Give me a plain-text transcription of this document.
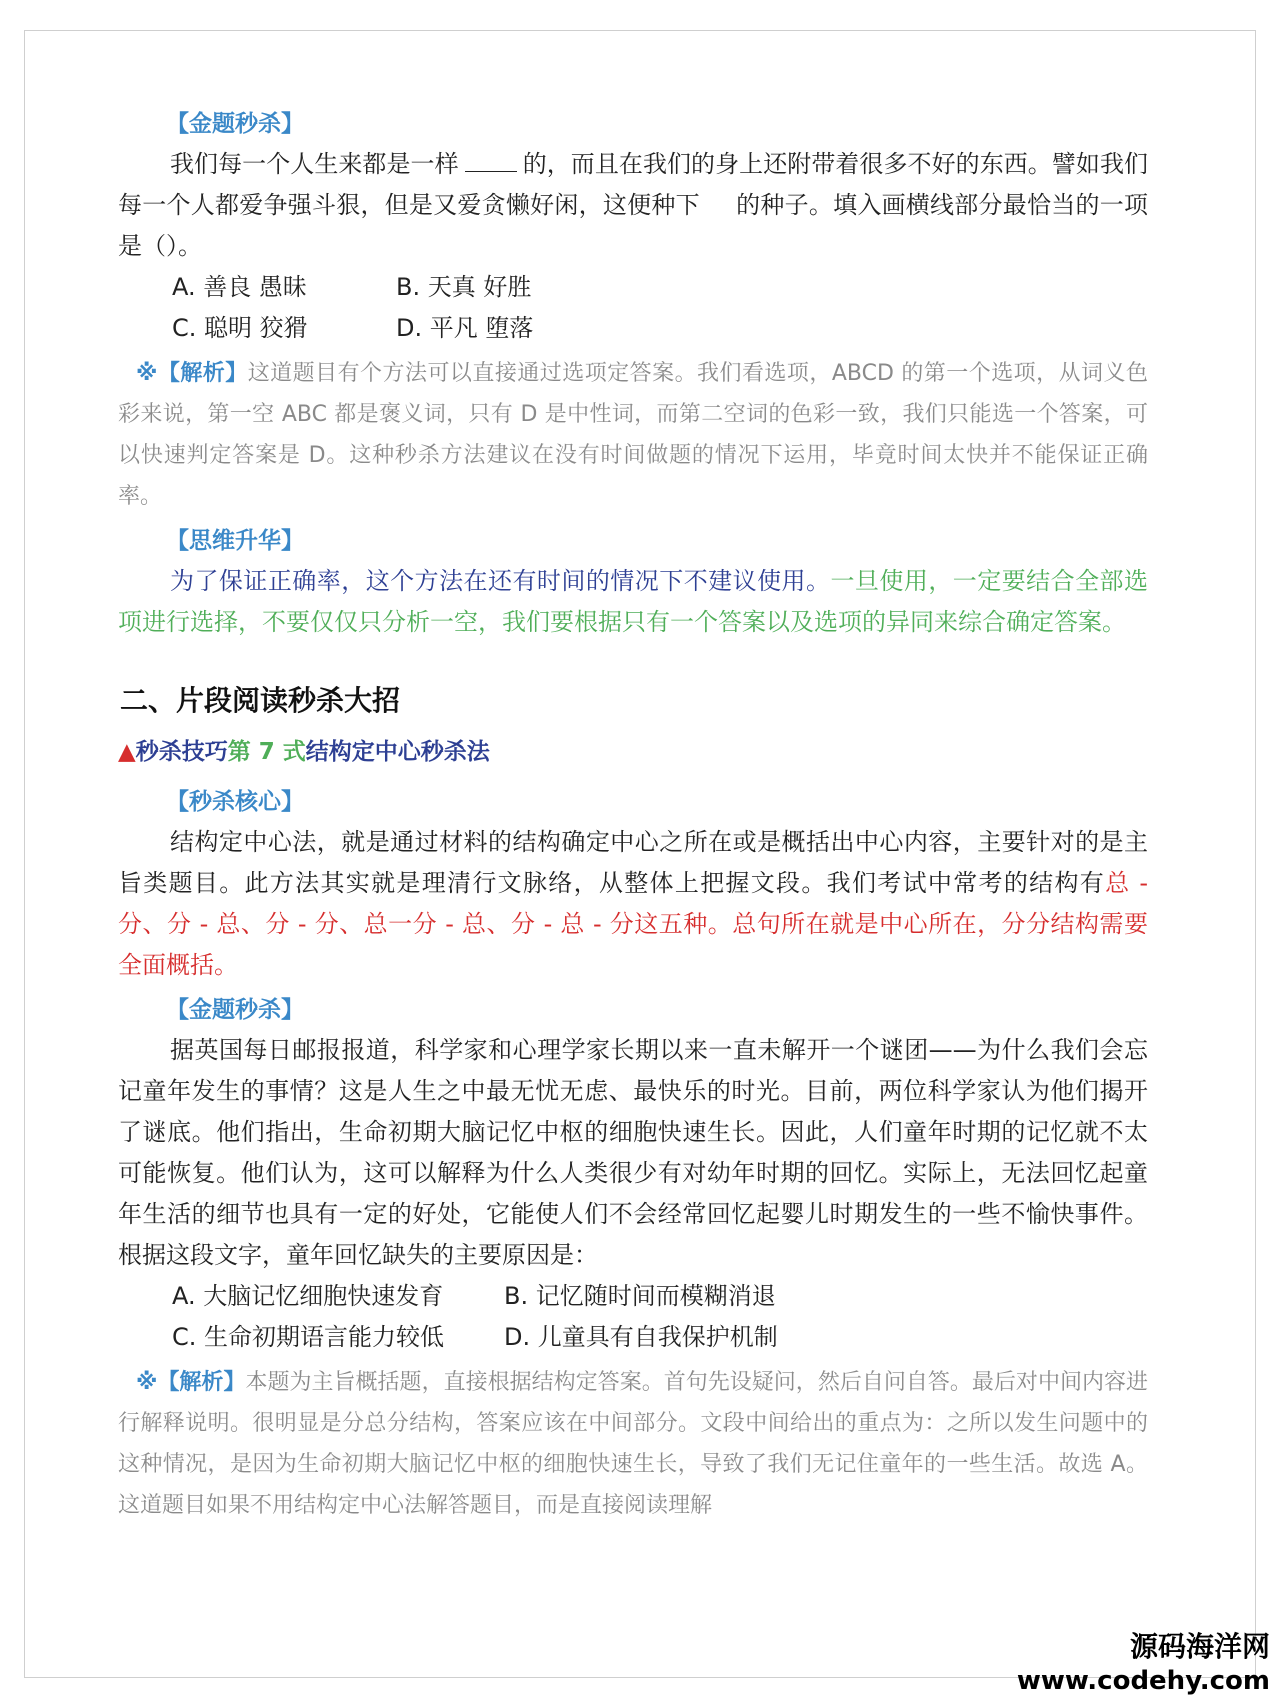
【金题秒杀】

我们每一个人生来都是一样	的，而且在我们的身上还附带着很多不好的东西。譬如我们每一个人都爱争强斗狠，但是又爱贪懒好闲，这便种下 的种子。填入画横线部分最恰当的一项是（）。

A. 善良 愚昧	B. 天真 好胜
C. 聪明 狡猾	D. 平凡 堕落

※【解析】这道题目有个方法可以直接通过选项定答案。我们看选项，ABCD 的第一个选项，从词义色彩来说，第一空 ABC 都是褒义词，只有 D 是中性词，而第二空词的色彩一致，我们只能选一个答案，可以快速判定答案是 D。这种秒杀方法建议在没有时间做题的情况下运用，毕竟时间太快并不能保证正确率。

【思维升华】

为了保证正确率，这个方法在还有时间的情况下不建议使用。一旦使用，一定要结合全部选项进行选择，不要仅仅只分析一空，我们要根据只有一个答案以及选项的异同来综合确定答案。

二、片段阅读秒杀大招
▲秒杀技巧第 7 式结构定中心秒杀法
【秒杀核心】

结构定中心法，就是通过材料的结构确定中心之所在或是概括出中心内容，主要针对的是主旨类题目。此方法其实就是理清行文脉络，从整体上把握文段。我们考试中常考的结构有总 - 分、分 - 总、分 - 分、总一分 - 总、分 - 总 - 分这五种。总句所在就是中心所在，分分结构需要全面概括。

【金题秒杀】

据英国每日邮报报道，科学家和心理学家长期以来一直未解开一个谜团——为什么我们会忘记童年发生的事情？这是人生之中最无忧无虑、最快乐的时光。目前，两位科学家认为他们揭开了谜底。他们指出，生命初期大脑记忆中枢的细胞快速生长。因此，人们童年时期的记忆就不太可能恢复。他们认为，这可以解释为什么人类很少有对幼年时期的回忆。实际上，无法回忆起童年生活的细节也具有一定的好处，它能使人们不会经常回忆起婴儿时期发生的一些不愉快事件。根据这段文字，童年回忆缺失的主要原因是：

A. 大脑记忆细胞快速发育	B. 记忆随时间而模糊消退
C. 生命初期语言能力较低	D. 儿童具有自我保护机制

※【解析】本题为主旨概括题，直接根据结构定答案。首句先设疑问，然后自问自答。最后对中间内容进行解释说明。很明显是分总分结构，答案应该在中间部分。文段中间给出的重点为：之所以发生问题中的这种情况，是因为生命初期大脑记忆中枢的细胞快速生长，导致了我们无记住童年的一些生活。故选 A。这道题目如果不用结构定中心法解答题目，而是直接阅读理解

源码海洋网
www.codehy.com
